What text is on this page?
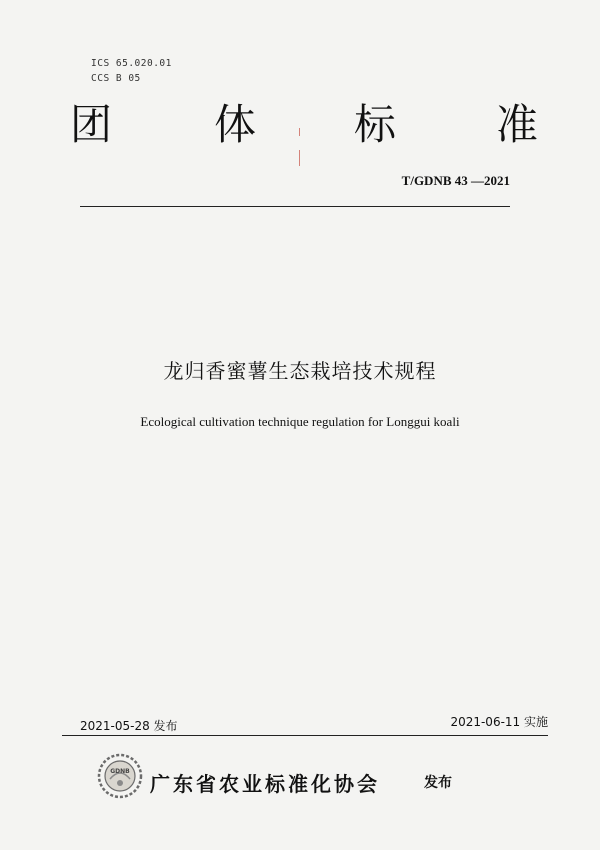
ICS 65.020.01
CCS B 05
团 体 标 准
T/GDNB 43 —2021
龙归香蜜薯生态栽培技术规程
Ecological cultivation technique regulation for Longgui koali
2021-05-28 发布	2021-06-11 实施
GDNB
广东省农业标准化协会	发布
